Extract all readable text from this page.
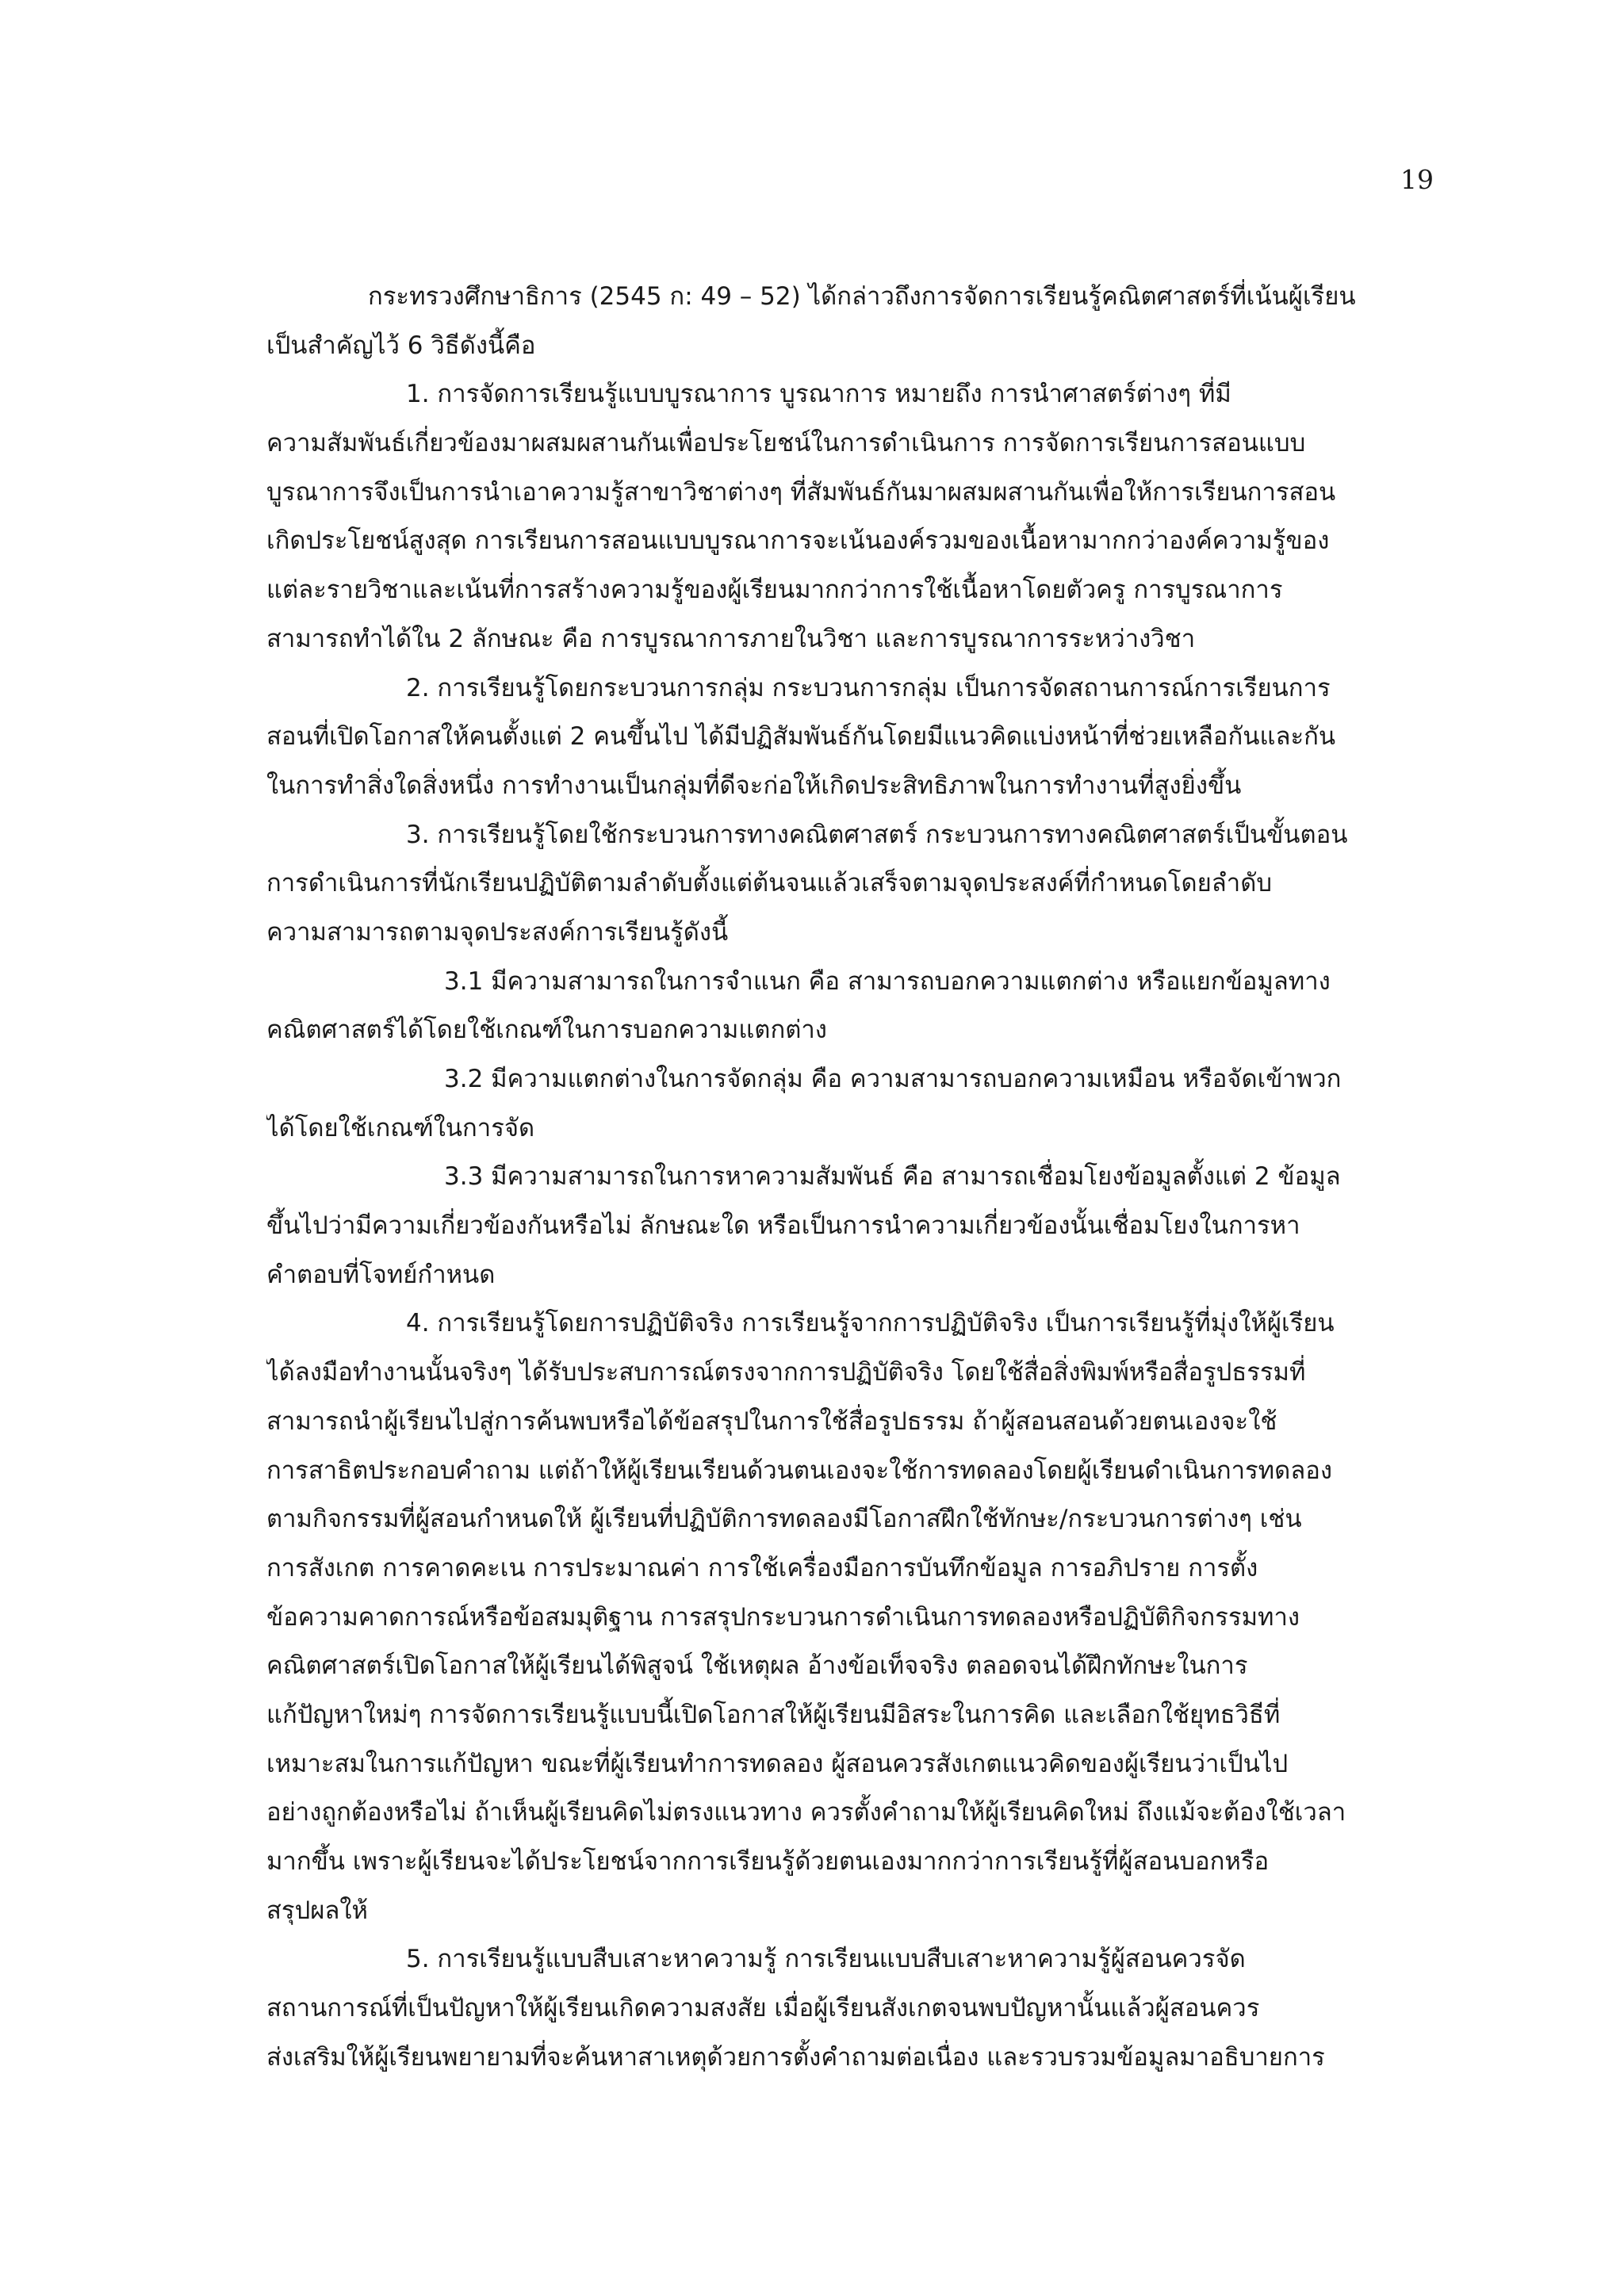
19
กระทรวงศึกษาธิการ (2545 ก: 49 – 52) ได้กล่าวถึงการจัดการเรียนรู้คณิตศาสตร์ที่เน้นผู้เรียน
เป็นสำคัญไว้ 6 วิธีดังนี้คือ
1. การจัดการเรียนรู้แบบบูรณาการ บูรณาการ หมายถึง การนำศาสตร์ต่างๆ ที่มี
ความสัมพันธ์เกี่ยวข้องมาผสมผสานกันเพื่อประโยชน์ในการดำเนินการ การจัดการเรียนการสอนแบบ
บูรณาการจึงเป็นการนำเอาความรู้สาขาวิชาต่างๆ ที่สัมพันธ์กันมาผสมผสานกันเพื่อให้การเรียนการสอน
เกิดประโยชน์สูงสุด การเรียนการสอนแบบบูรณาการจะเน้นองค์รวมของเนื้อหามากกว่าองค์ความรู้ของ
แต่ละรายวิชาและเน้นที่การสร้างความรู้ของผู้เรียนมากกว่าการใช้เนื้อหาโดยตัวครู การบูรณาการ
สามารถทำได้ใน 2 ลักษณะ คือ การบูรณาการภายในวิชา และการบูรณาการระหว่างวิชา
2. การเรียนรู้โดยกระบวนการกลุ่ม กระบวนการกลุ่ม เป็นการจัดสถานการณ์การเรียนการ
สอนที่เปิดโอกาสให้คนตั้งแต่ 2 คนขึ้นไป ได้มีปฏิสัมพันธ์กันโดยมีแนวคิดแบ่งหน้าที่ช่วยเหลือกันและกัน
ในการทำสิ่งใดสิ่งหนึ่ง การทำงานเป็นกลุ่มที่ดีจะก่อให้เกิดประสิทธิภาพในการทำงานที่สูงยิ่งขึ้น
3. การเรียนรู้โดยใช้กระบวนการทางคณิตศาสตร์ กระบวนการทางคณิตศาสตร์เป็นขั้นตอน
การดำเนินการที่นักเรียนปฏิบัติตามลำดับตั้งแต่ต้นจนแล้วเสร็จตามจุดประสงค์ที่กำหนดโดยลำดับ
ความสามารถตามจุดประสงค์การเรียนรู้ดังนี้
3.1 มีความสามารถในการจำแนก คือ สามารถบอกความแตกต่าง หรือแยกข้อมูลทาง
คณิตศาสตร์ได้โดยใช้เกณฑ์ในการบอกความแตกต่าง
3.2 มีความแตกต่างในการจัดกลุ่ม คือ ความสามารถบอกความเหมือน หรือจัดเข้าพวก
ได้โดยใช้เกณฑ์ในการจัด
3.3 มีความสามารถในการหาความสัมพันธ์ คือ สามารถเชื่อมโยงข้อมูลตั้งแต่ 2 ข้อมูล
ขึ้นไปว่ามีความเกี่ยวข้องกันหรือไม่ ลักษณะใด หรือเป็นการนำความเกี่ยวข้องนั้นเชื่อมโยงในการหา
คำตอบที่โจทย์กำหนด
4. การเรียนรู้โดยการปฏิบัติจริง การเรียนรู้จากการปฏิบัติจริง เป็นการเรียนรู้ที่มุ่งให้ผู้เรียน
ได้ลงมือทำงานนั้นจริงๆ ได้รับประสบการณ์ตรงจากการปฏิบัติจริง โดยใช้สื่อสิ่งพิมพ์หรือสื่อรูปธรรมที่
สามารถนำผู้เรียนไปสู่การค้นพบหรือได้ข้อสรุปในการใช้สื่อรูปธรรม ถ้าผู้สอนสอนด้วยตนเองจะใช้
การสาธิตประกอบคำถาม แต่ถ้าให้ผู้เรียนเรียนด้วนตนเองจะใช้การทดลองโดยผู้เรียนดำเนินการทดลอง
ตามกิจกรรมที่ผู้สอนกำหนดให้ ผู้เรียนที่ปฏิบัติการทดลองมีโอกาสฝึกใช้ทักษะ/กระบวนการต่างๆ เช่น
การสังเกต การคาดคะเน การประมาณค่า การใช้เครื่องมือการบันทึกข้อมูล การอภิปราย การตั้ง
ข้อความคาดการณ์หรือข้อสมมุติฐาน การสรุปกระบวนการดำเนินการทดลองหรือปฏิบัติกิจกรรมทาง
คณิตศาสตร์เปิดโอกาสให้ผู้เรียนได้พิสูจน์ ใช้เหตุผล อ้างข้อเท็จจริง ตลอดจนได้ฝึกทักษะในการ
แก้ปัญหาใหม่ๆ การจัดการเรียนรู้แบบนี้เปิดโอกาสให้ผู้เรียนมีอิสระในการคิด และเลือกใช้ยุทธวิธีที่
เหมาะสมในการแก้ปัญหา ขณะที่ผู้เรียนทำการทดลอง ผู้สอนควรสังเกตแนวคิดของผู้เรียนว่าเป็นไป
อย่างถูกต้องหรือไม่ ถ้าเห็นผู้เรียนคิดไม่ตรงแนวทาง ควรตั้งคำถามให้ผู้เรียนคิดใหม่ ถึงแม้จะต้องใช้เวลา
มากขึ้น เพราะผู้เรียนจะได้ประโยชน์จากการเรียนรู้ด้วยตนเองมากกว่าการเรียนรู้ที่ผู้สอนบอกหรือ
สรุปผลให้
5. การเรียนรู้แบบสืบเสาะหาความรู้ การเรียนแบบสืบเสาะหาความรู้ผู้สอนควรจัด
สถานการณ์ที่เป็นปัญหาให้ผู้เรียนเกิดความสงสัย เมื่อผู้เรียนสังเกตจนพบปัญหานั้นแล้วผู้สอนควร
ส่งเสริมให้ผู้เรียนพยายามที่จะค้นหาสาเหตุด้วยการตั้งคำถามต่อเนื่อง และรวบรวมข้อมูลมาอธิบายการ
